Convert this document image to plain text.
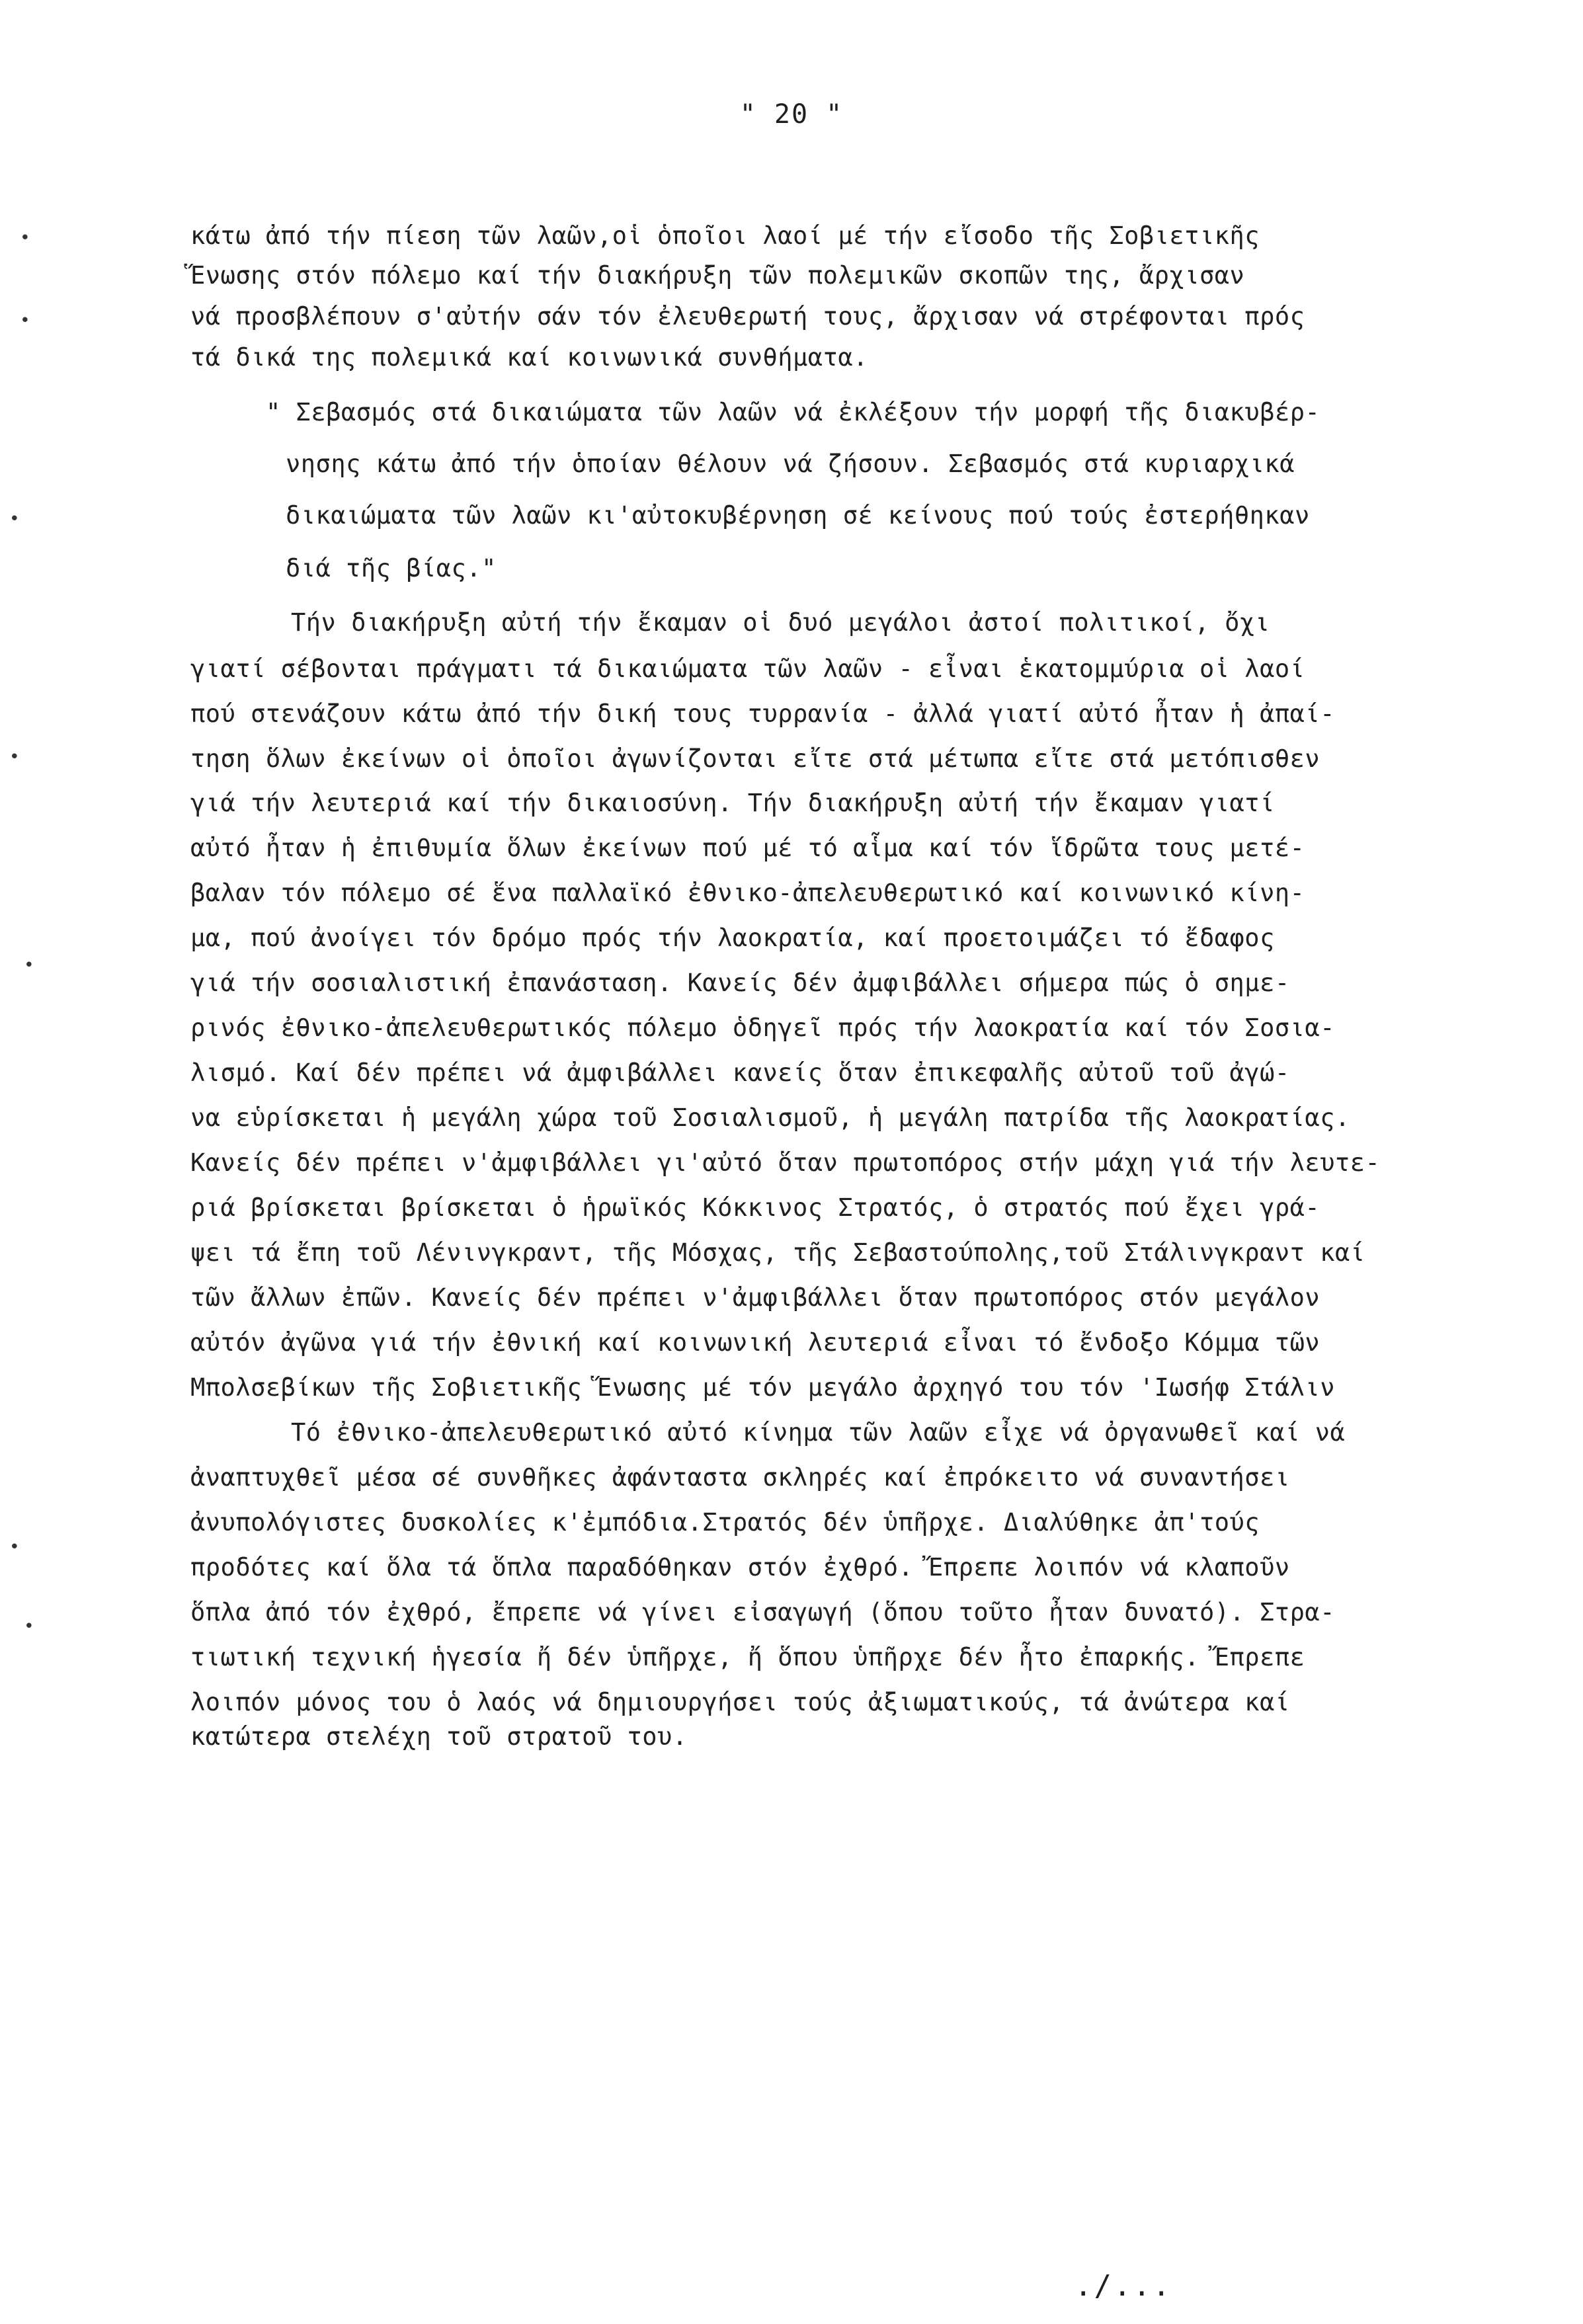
" 20 "
κάτω ἀπό τήν πίεση τῶν λαῶν,οἱ ὁποῖοι λαοί μέ τήν εἴσοδο τῆς Σοβιετικῆς
Ἕνωσης στόν πόλεμο καί τήν διακήρυξη τῶν πολεμικῶν σκοπῶν της, ἄρχισαν
νά προσβλέπουν σ'αὐτήν σάν τόν ἐλευθερωτή τους, ἄρχισαν νά στρέφονται πρός
τά δικά της πολεμικά καί κοινωνικά συνθήματα.
" Σεβασμός στά δικαιώματα τῶν λαῶν νά ἐκλέξουν τήν μορφή τῆς διακυβέρ-
νησης κάτω ἀπό τήν ὁποίαν θέλουν νά ζήσουν. Σεβασμός στά κυριαρχικά
δικαιώματα τῶν λαῶν κι'αὐτοκυβέρνηση σέ κείνους πού τούς ἐστερήθηκαν
διά τῆς βίας."
Τήν διακήρυξη αὐτή τήν ἔκαμαν οἱ δυό μεγάλοι ἀστοί πολιτικοί, ὄχι
γιατί σέβονται πράγματι τά δικαιώματα τῶν λαῶν - εἶναι ἑκατομμύρια οἱ λαοί
πού στενάζουν κάτω ἀπό τήν δική τους τυρρανία - ἀλλά γιατί αὐτό ἦταν ἡ ἀπαί-
τηση ὅλων ἐκείνων οἱ ὁποῖοι ἀγωνίζονται εἴτε στά μέτωπα εἴτε στά μετόπισθεν
γιά τήν λευτεριά καί τήν δικαιοσύνη. Τήν διακήρυξη αὐτή τήν ἔκαμαν γιατί
αὐτό ἦταν ἡ ἐπιθυμία ὅλων ἐκείνων πού μέ τό αἷμα καί τόν ἵδρῶτα τους μετέ-
βαλαν τόν πόλεμο σέ ἕνα παλλαϊκό ἐθνικο-ἀπελευθερωτικό καί κοινωνικό κίνη-
μα, πού ἀνοίγει τόν δρόμο πρός τήν λαοκρατία, καί προετοιμάζει τό ἔδαφος
γιά τήν σοσιαλιστική ἐπανάσταση. Κανείς δέν ἀμφιβάλλει σήμερα πώς ὁ σημε-
ρινός ἐθνικο-ἀπελευθερωτικός πόλεμο ὁδηγεῖ πρός τήν λαοκρατία καί τόν Σοσια-
λισμό. Καί δέν πρέπει νά ἀμφιβάλλει κανείς ὅταν ἐπικεφαλῆς αὐτοῦ τοῦ ἀγώ-
να εὑρίσκεται ἡ μεγάλη χώρα τοῦ Σοσιαλισμοῦ, ἡ μεγάλη πατρίδα τῆς λαοκρατίας.
Κανείς δέν πρέπει ν'ἀμφιβάλλει γι'αὐτό ὅταν πρωτοπόρος στήν μάχη γιά τήν λευτε-
ριά βρίσκεται βρίσκεται ὁ ἡρωϊκός Κόκκινος Στρατός, ὁ στρατός πού ἔχει γρά-
ψει τά ἔπη τοῦ Λένινγκραντ, τῆς Μόσχας, τῆς Σεβαστούπολης,τοῦ Στάλινγκραντ καί
τῶν ἄλλων ἐπῶν. Κανείς δέν πρέπει ν'ἀμφιβάλλει ὅταν πρωτοπόρος στόν μεγάλον
αὐτόν ἀγῶνα γιά τήν ἐθνική καί κοινωνική λευτεριά εἶναι τό ἔνδοξο Κόμμα τῶν
Μπολσεβίκων τῆς Σοβιετικῆς Ἕνωσης μέ τόν μεγάλο ἀρχηγό του τόν 'Ιωσήφ Στάλιν
Τό ἐθνικο-ἀπελευθερωτικό αὐτό κίνημα τῶν λαῶν εἶχε νά ὀργανωθεῖ καί νά
ἀναπτυχθεῖ μέσα σέ συνθῆκες ἀφάνταστα σκληρές καί ἐπρόκειτο νά συναντήσει
ἀνυπολόγιστες δυσκολίες κ'ἐμπόδια.Στρατός δέν ὑπῆρχε. Διαλύθηκε ἀπ'τούς
προδότες καί ὅλα τά ὅπλα παραδόθηκαν στόν ἐχθρό. Ἔπρεπε λοιπόν νά κλαποῦν
ὅπλα ἀπό τόν ἐχθρό, ἔπρεπε νά γίνει εἰσαγωγή (ὅπου τοῦτο ἦταν δυνατό). Στρα-
τιωτική τεχνική ἡγεσία ἤ δέν ὑπῆρχε, ἤ ὅπου ὑπῆρχε δέν ἦτο ἐπαρκής. Ἔπρεπε
λοιπόν μόνος του ὁ λαός νά δημιουργήσει τούς ἀξιωματικούς, τά ἀνώτερα καί
κατώτερα στελέχη τοῦ στρατοῦ του.
•
•
•
•
•
•
•
./...
